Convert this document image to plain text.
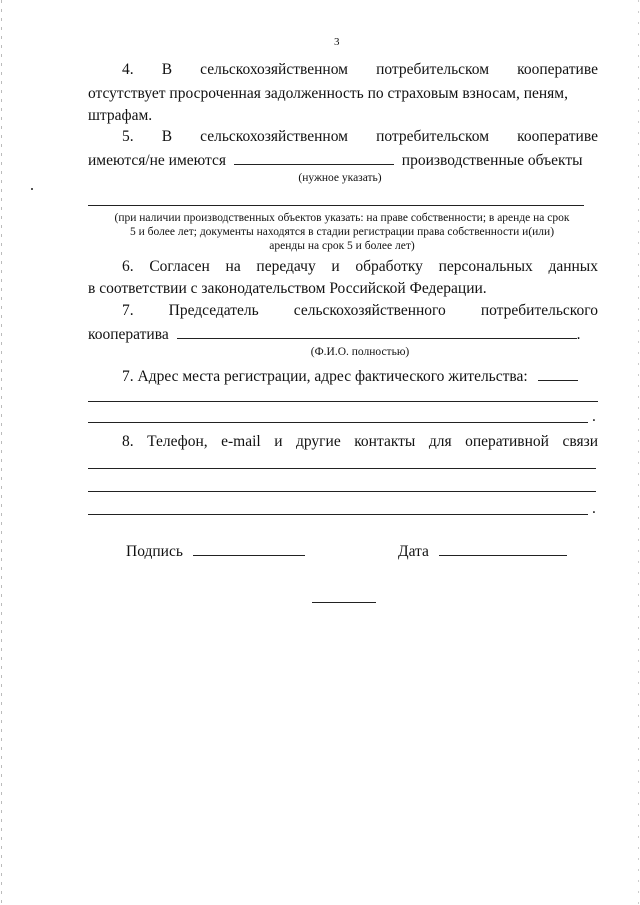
3
4. В сельскохозяйственном потребительском кооперативе
отсутствует просроченная задолженность по страховым взносам, пеням,
штрафам.
5. В сельскохозяйственном потребительском кооперативе
имеются/не имеются	производственные объекты
(нужное указать)
(при наличии производственных объектов указать: на праве собственности; в аренде на срок
5 и более лет; документы находятся в стадии регистрации права собственности и(или)
аренды на срок 5 и более лет)
6. Согласен на передачу и обработку персональных данных
в соответствии с законодательством Российской Федерации.
7. Председатель сельскохозяйственного потребительского
кооператива	.
(Ф.И.О. полностью)
7. Адрес места регистрации, адрес фактического жительства:
.
8. Телефон, e-mail и другие контакты для оперативной связи
.
Подпись	Дата
